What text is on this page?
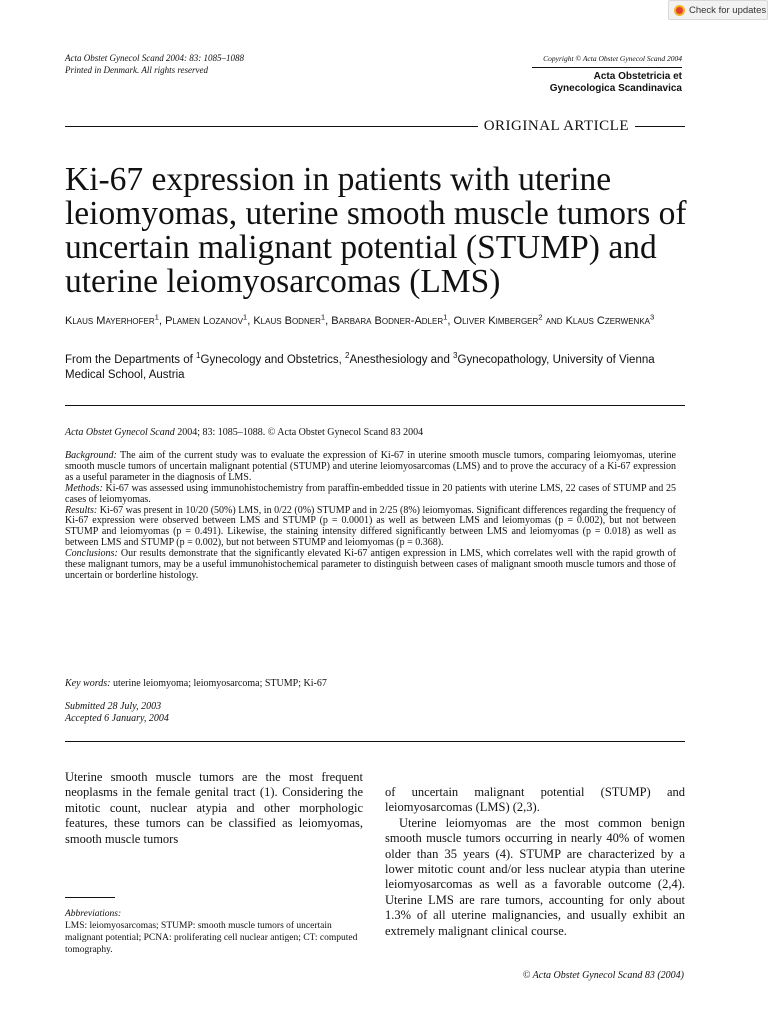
Check for updates
Acta Obstet Gynecol Scand 2004: 83: 1085–1088
Printed in Denmark. All rights reserved
Copyright © Acta Obstet Gynecol Scand 2004
Acta Obstetricia et
Gynecologica Scandinavica
ORIGINAL ARTICLE
Ki-67 expression in patients with uterine leiomyomas, uterine smooth muscle tumors of uncertain malignant potential (STUMP) and uterine leiomyosarcomas (LMS)
Klaus Mayerhofer$^1$, Plamen Lozanov$^1$, Klaus Bodner$^1$, Barbara Bodner-Adler$^1$, Oliver Kimberger$^2$ and Klaus Czerwenka$^3$
From the Departments of $^1$Gynecology and Obstetrics, $^2$Anesthesiology and $^3$Gynecopathology, University of Vienna Medical School, Austria
Acta Obstet Gynecol Scand 2004; 83: 1085–1088. © Acta Obstet Gynecol Scand 83 2004

Background: The aim of the current study was to evaluate the expression of Ki-67 in uterine smooth muscle tumors, comparing leiomyomas, uterine smooth muscle tumors of uncertain malignant potential (STUMP) and uterine leiomyosarcomas (LMS) and to prove the accuracy of a Ki-67 expression as a useful parameter in the diagnosis of LMS.

Methods: Ki-67 was assessed using immunohistochemistry from paraffin-embedded tissue in 20 patients with uterine LMS, 22 cases of STUMP and 25 cases of leiomyomas.

Results: Ki-67 was present in 10/20 (50%) LMS, in 0/22 (0%) STUMP and in 2/25 (8%) leiomyomas. Significant differences regarding the frequency of Ki-67 expression were observed between LMS and STUMP (p = 0.0001) as well as between LMS and leiomyomas (p = 0.002), but not between STUMP and leiomyomas (p = 0.491). Likewise, the staining intensity differed significantly between LMS and leiomyomas (p = 0.018) as well as between LMS and STUMP (p = 0.002), but not between STUMP and leiomyomas (p = 0.368).

Conclusions: Our results demonstrate that the significantly elevated Ki-67 antigen expression in LMS, which correlates well with the rapid growth of these malignant tumors, may be a useful immunohistochemical parameter to distinguish between cases of malignant smooth muscle tumors and those of uncertain or borderline histology.

Key words: uterine leiomyoma; leiomyosarcoma; STUMP; Ki-67
Submitted 28 July, 2003
Accepted 6 January, 2004

Uterine smooth muscle tumors are the most frequent neoplasms in the female genital tract (1). Considering the mitotic count, nuclear atypia and other morphologic features, these tumors can be classified as leiomyomas, smooth muscle tumors

of uncertain malignant potential (STUMP) and leiomyosarcomas (LMS) (2,3).

Uterine leiomyomas are the most common benign smooth muscle tumors occurring in nearly 40% of women older than 35 years (4). STUMP are characterized by a lower mitotic count and/or less nuclear atypia than uterine leiomyosarcomas as well as a favorable outcome (2,4). Uterine LMS are rare tumors, accounting for only about 1.3% of all uterine malignancies, and usually exhibit an extremely malignant clinical course.

Abbreviations:
LMS: leiomyosarcomas; STUMP: smooth muscle tumors of uncertain malignant potential; PCNA: proliferating cell nuclear antigen; CT: computed tomography.
© Acta Obstet Gynecol Scand 83 (2004)
